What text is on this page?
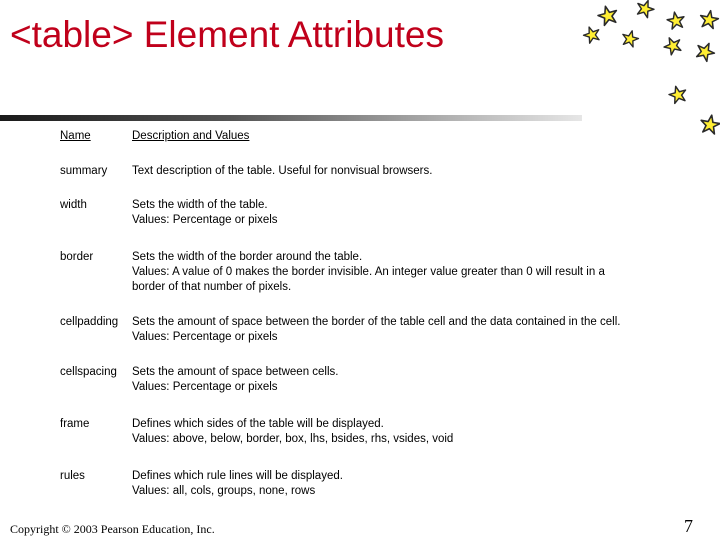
<table> Element Attributes
Name	Description and Values
summary Text description of the table. Useful for nonvisual browsers.
width	Sets the width of the table.
Values: Percentage or pixels
border	Sets the width of the border around the table.
Values: A value of 0 makes the border invisible. An integer value greater than 0 will result in a
border of that number of pixels.
cellpadding Sets the amount of space between the border of the table cell and the data contained in the cell.
Values: Percentage or pixels
cellspacing Sets the amount of space between cells.
Values: Percentage or pixels
frame	Defines which sides of the table will be displayed.
Values: above, below, border, box, lhs, bsides, rhs, vsides, void
rules	Defines which rule lines will be displayed.
Values: all, cols, groups, none, rows
Copyright © 2003 Pearson Education, Inc.	7
